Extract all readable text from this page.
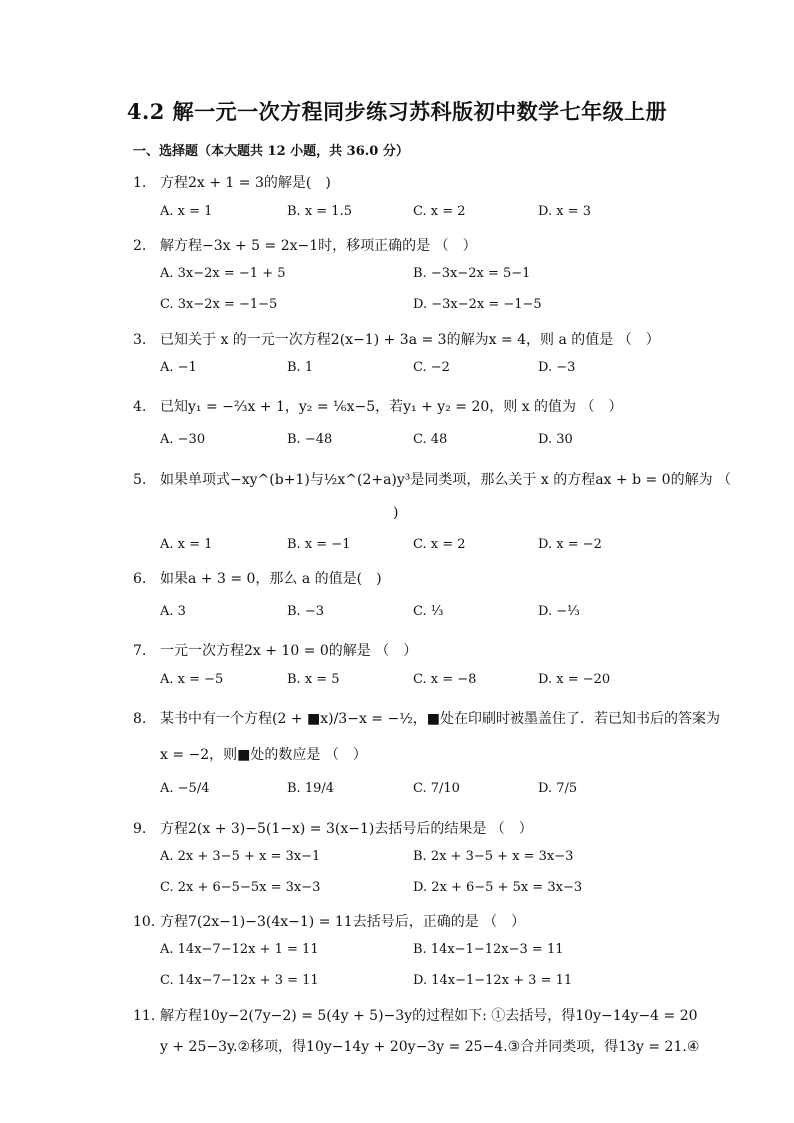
4.2 解一元一次方程同步练习苏科版初中数学七年级上册
一、选择题（本大题共 12 小题，共 36.0 分）
1. 方程2x + 1 = 3的解是(　)
A. x = 1	B. x = 1.5	C. x = 2	D. x = 3
2. 解方程−3x + 5 = 2x−1时，移项正确的是 （　）
A. 3x−2x = −1 + 5	B. −3x−2x = 5−1
C. 3x−2x = −1−5	D. −3x−2x = −1−5
3. 已知关于 x 的一元一次方程2(x−1) + 3a = 3的解为x = 4，则 a 的值是 （　）
A. −1	B. 1	C. −2	D. −3
4. 已知y₁ = −⅔x + 1，y₂ = ⅙x−5，若y₁ + y₂ = 20，则 x 的值为 （　）
A. −30	B. −48	C. 48	D. 30
5. 如果单项式−xy^(b+1)与½x^(2+a)y³是同类项，那么关于 x 的方程ax + b = 0的解为 （
)
A. x = 1	B. x = −1	C. x = 2	D. x = −2
6. 如果a + 3 = 0，那么 a 的值是(　)
A. 3	B. −3	C. ⅓	D. −⅓
7. 一元一次方程2x + 10 = 0的解是 （　）
A. x = −5	B. x = 5	C. x = −8	D. x = −20
8. 某书中有一个方程(2 + ■x)/3−x = −½，■处在印刷时被墨盖住了．若已知书后的答案为
x = −2，则■处的数应是 （　）
A. −5/4	B. 19/4	C. 7/10	D. 7/5
9. 方程2(x + 3)−5(1−x) = 3(x−1)去括号后的结果是 （　）
A. 2x + 3−5 + x = 3x−1	B. 2x + 3−5 + x = 3x−3
C. 2x + 6−5−5x = 3x−3	D. 2x + 6−5 + 5x = 3x−3
10. 方程7(2x−1)−3(4x−1) = 11去括号后，正确的是 （　）
A. 14x−7−12x + 1 = 11	B. 14x−1−12x−3 = 11
C. 14x−7−12x + 3 = 11	D. 14x−1−12x + 3 = 11
11. 解方程10y−2(7y−2) = 5(4y + 5)−3y的过程如下: ①去括号，得10y−14y−4 = 20
y + 25−3y.②移项，得10y−14y + 20y−3y = 25−4.③合并同类项，得13y = 21.④
